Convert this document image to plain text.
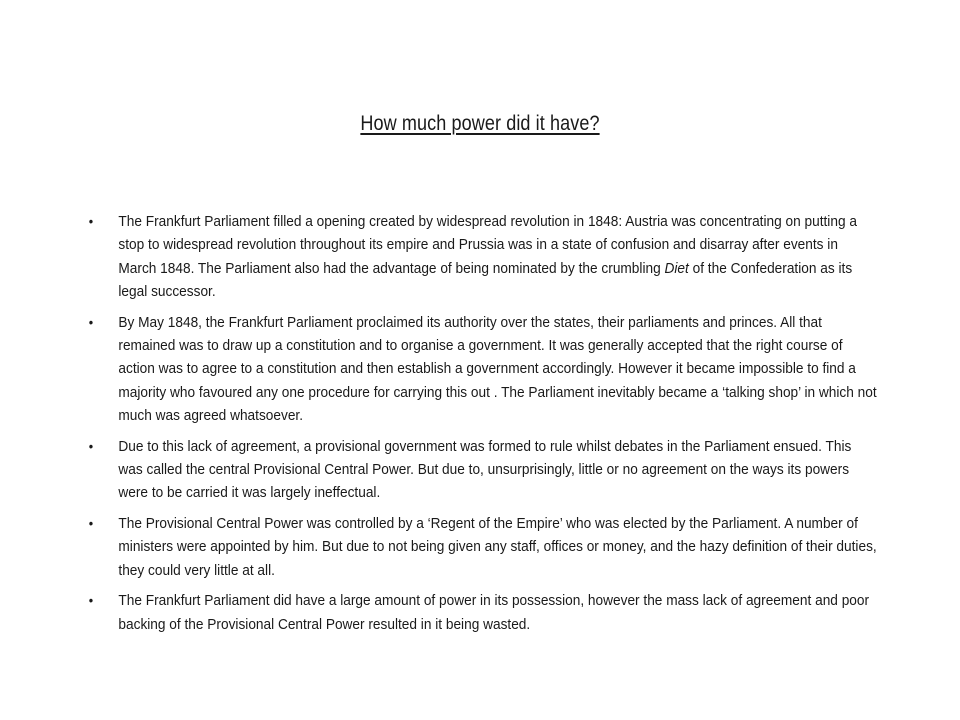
How much power did it have?
• The Frankfurt Parliament filled a opening created by widespread revolution in 1848: Austria was concentrating on putting a stop to widespread revolution throughout its empire and Prussia was in a state of confusion and disarray after events in March 1848. The Parliament also had the advantage of being nominated by the crumbling Diet of the Confederation as its legal successor.
• By May 1848, the Frankfurt Parliament proclaimed its authority over the states, their parliaments and princes. All that remained was to draw up a constitution and to organise a government. It was generally accepted that the right course of action was to agree to a constitution and then establish a government accordingly. However it became impossible to find a majority who favoured any one procedure for carrying this out . The Parliament inevitably became a ‘talking shop’ in which not much was agreed whatsoever.
• Due to this lack of agreement, a provisional government was formed to rule whilst debates in the Parliament ensued. This was called the central Provisional Central Power. But due to, unsurprisingly, little or no agreement on the ways its powers were to be carried it was largely ineffectual.
• The Provisional Central Power was controlled by a ‘Regent of the Empire’ who was elected by the Parliament. A number of ministers were appointed by him. But due to not being given any staff, offices or money, and the hazy definition of their duties, they could very little at all.
• The Frankfurt Parliament did have a large amount of power in its possession, however the mass lack of agreement and poor backing of the Provisional Central Power resulted in it being wasted.
